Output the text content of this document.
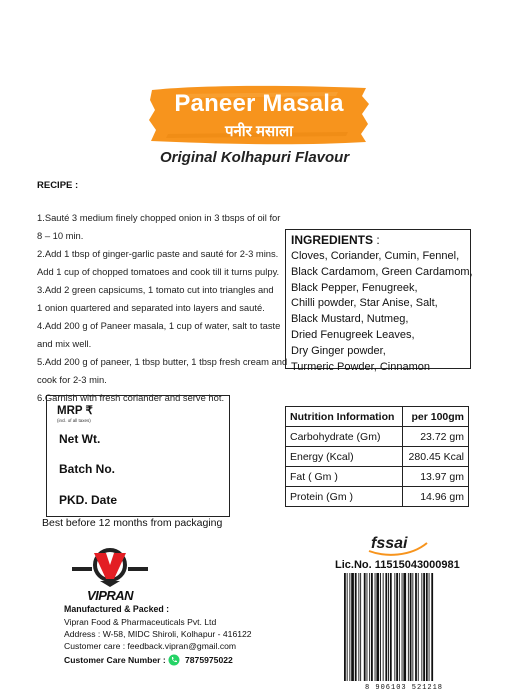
Paneer Masala
पनीर मसाला
Original Kolhapuri Flavour
RECIPE :
1.Sauté 3 medium finely chopped onion in 3 tbsps of oil for
8 – 10 min.
2.Add 1 tbsp of ginger-garlic paste and sauté for 2-3 mins.
Add 1 cup of chopped tomatoes and cook till it turns pulpy.
3.Add 2 green capsicums, 1 tomato cut into triangles and
1 onion quartered and separated into layers and sauté.
4.Add 200 g of Paneer masala, 1 cup of water, salt to taste
and mix well.
5.Add 200 g of paneer, 1 tbsp butter, 1 tbsp fresh cream and
cook for 2-3 min.
6.Garnish with fresh coriander and serve hot.
INGREDIENTS :
Cloves, Coriander, Cumin, Fennel,
Black Cardamom, Green Cardamom,
Black Pepper, Fenugreek,
Chilli powder, Star Anise, Salt,
Black Mustard, Nutmeg,
Dried Fenugreek Leaves,
Dry Ginger powder,
Turmeric Powder, Cinnamon
MRP ₹
(incl. of all taxes)
Net Wt.
Batch No.
PKD. Date
Best before 12 months from packaging
Nutrition Information	per 100gm
Carbohydrate (Gm)	23.72 gm
Energy (Kcal)	280.45 Kcal
Fat ( Gm )	13.97 gm
Protein (Gm )	14.96 gm
VIPRAN
Manufactured & Packed :
Vipran Food & Pharmaceuticals Pvt. Ltd
Address : W-58, MIDC Shiroli, Kolhapur - 416122
Customer care : feedback.vipran@gmail.com
Customer Care Number : 7875975022
fssai
Lic.No. 11515043000981
8 906103 521218
